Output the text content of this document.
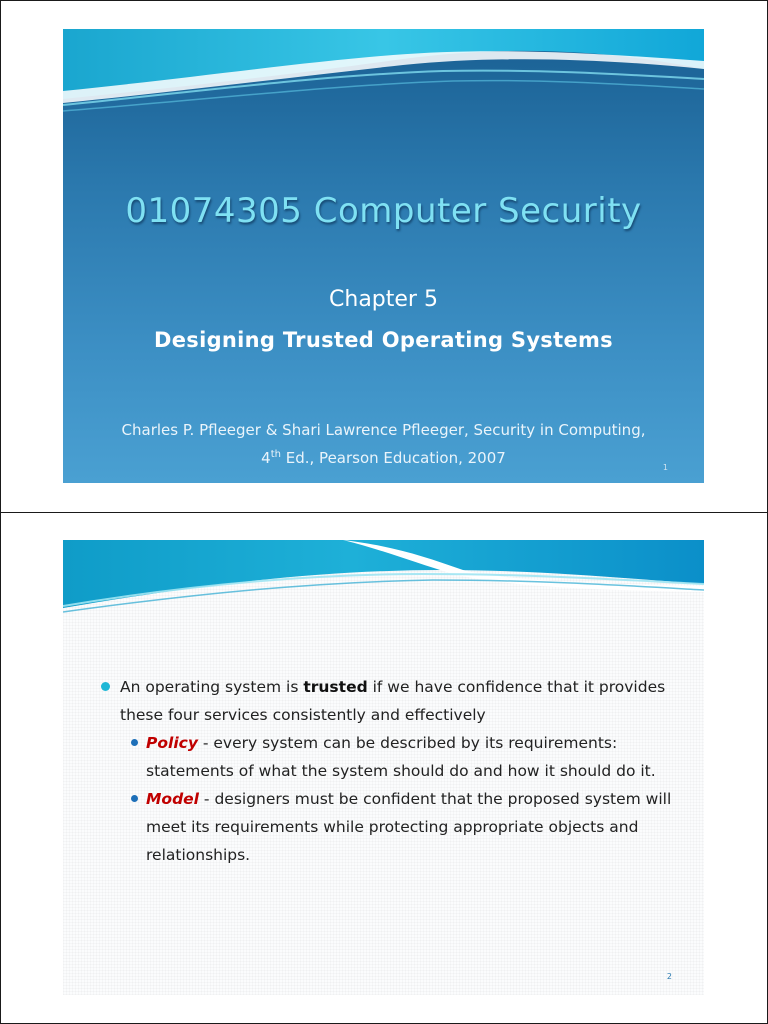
01074305 Computer Security
Chapter 5
Designing Trusted Operating Systems
Charles P. Pfleeger & Shari Lawrence Pfleeger, Security in Computing,
4th Ed., Pearson Education, 2007
1
An operating system is trusted if we have confidence that it provides these four services consistently and effectively
Policy - every system can be described by its requirements: statements of what the system should do and how it should do it.
Model - designers must be confident that the proposed system will meet its requirements while protecting appropriate objects and relationships.
2
